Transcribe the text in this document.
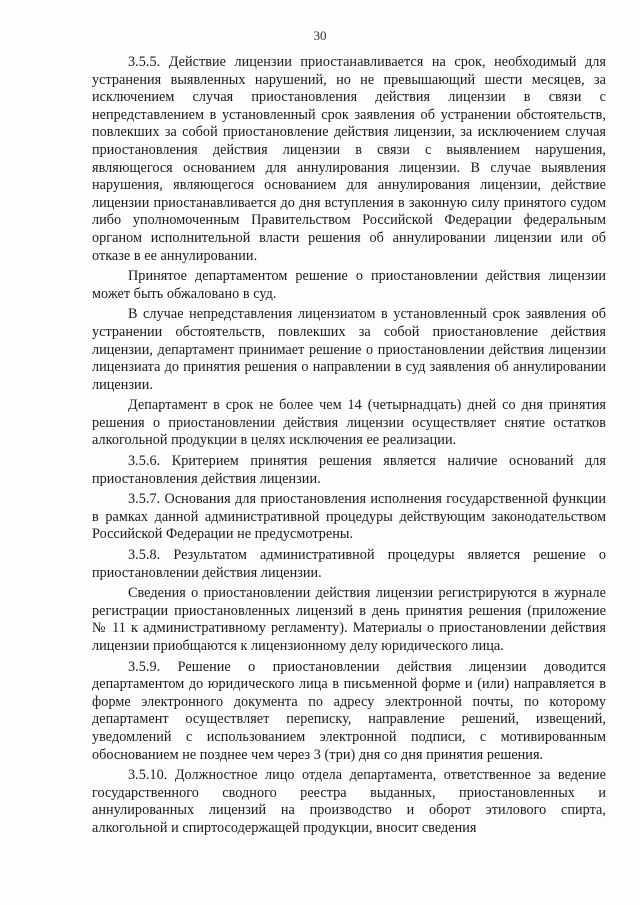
30

3.5.5. Действие лицензии приостанавливается на срок, необходимый для устранения выявленных нарушений, но не превышающий шести месяцев, за исключением случая приостановления действия лицензии в связи с непредставлением в установленный срок заявления об устранении обстоятельств, повлекших за собой приостановление действия лицензии, за исключением случая приостановления действия лицензии в связи с выявлением нарушения, являющегося основанием для аннулирования лицензии. В случае выявления нарушения, являющегося основанием для аннулирования лицензии, действие лицензии приостанавливается до дня вступления в законную силу принятого судом либо уполномоченным Правительством Российской Федерации федеральным органом исполнительной власти решения об аннулировании лицензии или об отказе в ее аннулировании.

Принятое департаментом решение о приостановлении действия лицензии может быть обжаловано в суд.

В случае непредставления лицензиатом в установленный срок заявления об устранении обстоятельств, повлекших за собой приостановление действия лицензии, департамент принимает решение о приостановлении действия лицензии лицензиата до принятия решения о направлении в суд заявления об аннулировании лицензии.

Департамент в срок не более чем 14 (четырнадцать) дней со дня принятия решения о приостановлении действия лицензии осуществляет снятие остатков алкогольной продукции в целях исключения ее реализации.

3.5.6. Критерием принятия решения является наличие оснований для приостановления действия лицензии.

3.5.7. Основания для приостановления исполнения государственной функции в рамках данной административной процедуры действующим законодательством Российской Федерации не предусмотрены.

3.5.8. Результатом административной процедуры является решение о приостановлении действия лицензии.

Сведения о приостановлении действия лицензии регистрируются в журнале регистрации приостановленных лицензий в день принятия решения (приложение № 11 к административному регламенту). Материалы о приостановлении действия лицензии приобщаются к лицензионному делу юридического лица.

3.5.9. Решение о приостановлении действия лицензии доводится департаментом до юридического лица в письменной форме и (или) направляется в форме электронного документа по адресу электронной почты, по которому департамент осуществляет переписку, направление решений, извещений, уведомлений с использованием электронной подписи, с мотивированным обоснованием не позднее чем через 3 (три) дня со дня принятия решения.

3.5.10. Должностное лицо отдела департамента, ответственное за ведение государственного сводного реестра выданных, приостановленных и аннулированных лицензий на производство и оборот этилового спирта, алкогольной и спиртосодержащей продукции, вносит сведения
